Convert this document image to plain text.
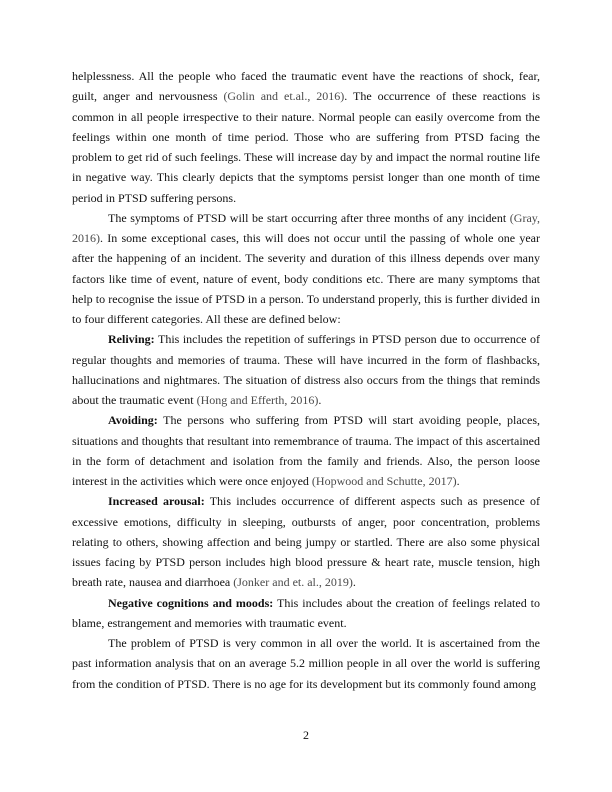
helplessness. All the people who faced the traumatic event have the reactions of shock, fear, guilt, anger and nervousness (Golin and et.al., 2016). The occurrence of these reactions is common in all people irrespective to their nature. Normal people can easily overcome from the feelings within one month of time period. Those who are suffering from PTSD facing the problem to get rid of such feelings. These will increase day by and impact the normal routine life in negative way. This clearly depicts that the symptoms persist longer than one month of time period in PTSD suffering persons.

The symptoms of PTSD will be start occurring after three months of any incident (Gray, 2016). In some exceptional cases, this will does not occur until the passing of whole one year after the happening of an incident. The severity and duration of this illness depends over many factors like time of event, nature of event, body conditions etc. There are many symptoms that help to recognise the issue of PTSD in a person. To understand properly, this is further divided in to four different categories. All these are defined below:

Reliving: This includes the repetition of sufferings in PTSD person due to occurrence of regular thoughts and memories of trauma. These will have incurred in the form of flashbacks, hallucinations and nightmares. The situation of distress also occurs from the things that reminds about the traumatic event (Hong and Efferth, 2016).

Avoiding: The persons who suffering from PTSD will start avoiding people, places, situations and thoughts that resultant into remembrance of trauma. The impact of this ascertained in the form of detachment and isolation from the family and friends. Also, the person loose interest in the activities which were once enjoyed (Hopwood and Schutte, 2017).

Increased arousal: This includes occurrence of different aspects such as presence of excessive emotions, difficulty in sleeping, outbursts of anger, poor concentration, problems relating to others, showing affection and being jumpy or startled. There are also some physical issues facing by PTSD person includes high blood pressure & heart rate, muscle tension, high breath rate, nausea and diarrhoea (Jonker and et. al., 2019).

Negative cognitions and moods: This includes about the creation of feelings related to blame, estrangement and memories with traumatic event.

The problem of PTSD is very common in all over the world. It is ascertained from the past information analysis that on an average 5.2 million people in all over the world is suffering from the condition of PTSD. There is no age for its development but its commonly found among

2
